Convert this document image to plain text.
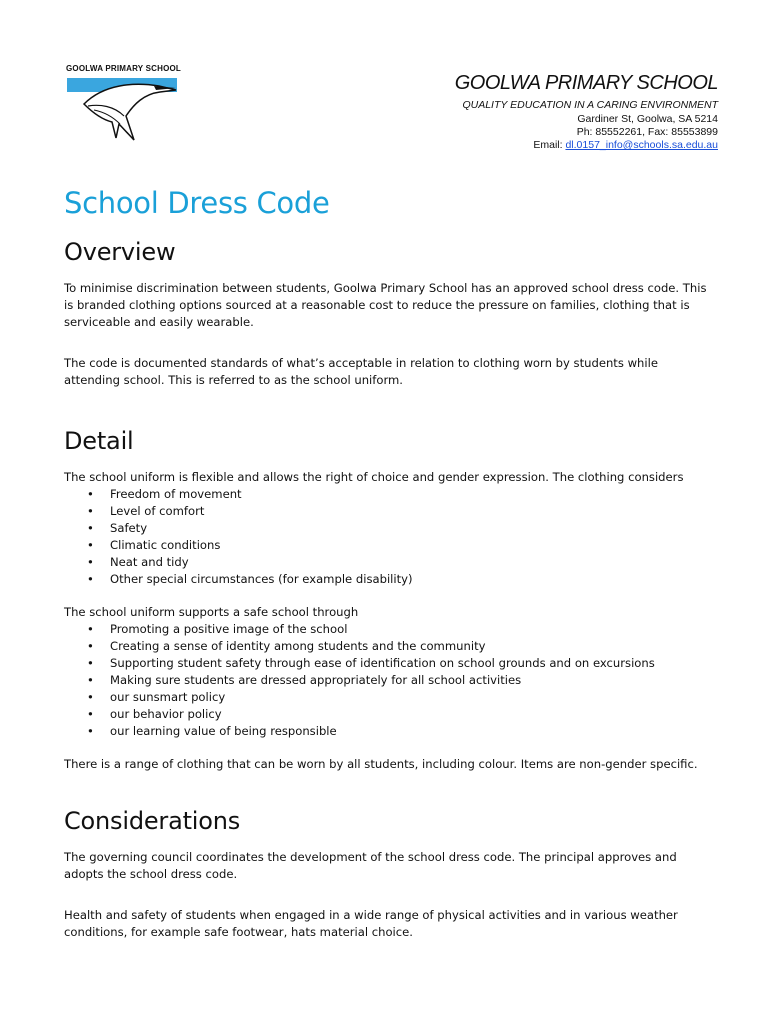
GOOLWA PRIMARY SCHOOL
GOOLWA PRIMARY SCHOOL
QUALITY EDUCATION IN A CARING ENVIRONMENT
Gardiner St, Goolwa, SA 5214
Ph: 85552261, Fax: 85553899
Email: dl.0157_info@schools.sa.edu.au
School Dress Code
Overview

To minimise discrimination between students, Goolwa Primary School has an approved school dress code. This is branded clothing options sourced at a reasonable cost to reduce the pressure on families, clothing that is serviceable and easily wearable.

The code is documented standards of what’s acceptable in relation to clothing worn by students while attending school. This is referred to as the school uniform.

Detail

The school uniform is flexible and allows the right of choice and gender expression. The clothing considers

• Freedom of movement
• Level of comfort
• Safety
• Climatic conditions
• Neat and tidy
• Other special circumstances (for example disability)

The school uniform supports a safe school through

• Promoting a positive image of the school
• Creating a sense of identity among students and the community
• Supporting student safety through ease of identification on school grounds and on excursions
• Making sure students are dressed appropriately for all school activities
• our sunsmart policy
• our behavior policy
• our learning value of being responsible

There is a range of clothing that can be worn by all students, including colour. Items are non-gender specific.

Considerations

The governing council coordinates the development of the school dress code. The principal approves and adopts the school dress code.

Health and safety of students when engaged in a wide range of physical activities and in various weather conditions, for example safe footwear, hats material choice.
